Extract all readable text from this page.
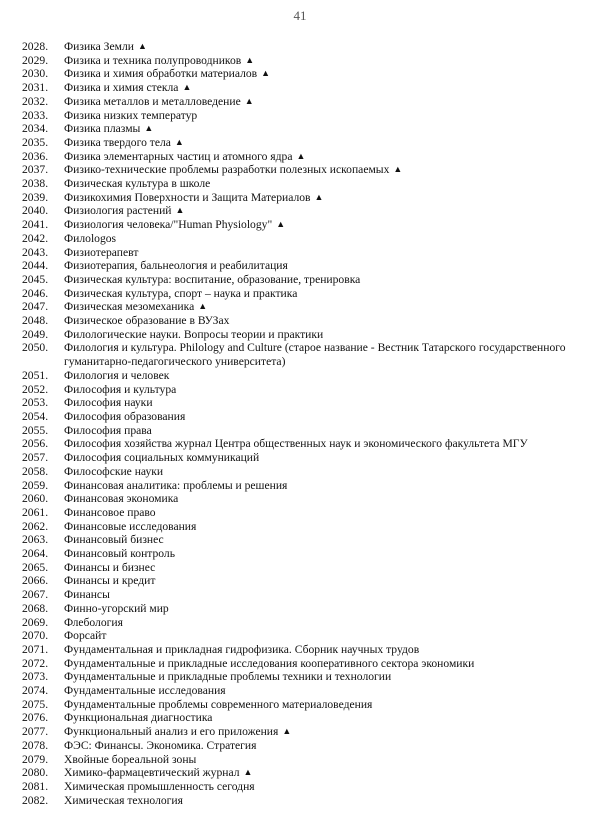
41
2028.	Физика Земли ▲
2029.	Физика и техника полупроводников ▲
2030.	Физика и химия обработки материалов ▲
2031.	Физика и химия стекла ▲
2032.	Физика металлов и металловедение ▲
2033.	Физика низких температур
2034.	Физика плазмы ▲
2035.	Физика твердого тела ▲
2036.	Физика элементарных частиц и атомного ядра ▲
2037.	Физико-технические проблемы разработки полезных ископаемых ▲
2038.	Физическая культура в школе
2039.	Физикохимия Поверхности и Защита Материалов ▲
2040.	Физиология растений ▲
2041.	Физиология человека/"Human Physiology" ▲
2042.	Филologos
2043.	Физиотерапевт
2044.	Физиотерапия, бальнеология и реабилитация
2045.	Физическая культура: воспитание, образование, тренировка
2046.	Физическая культура, спорт – наука и практика
2047.	Физическая мезомеханика ▲
2048.	Физическое образование в ВУЗах
2049.	Филологические науки. Вопросы теории и практики
2050.	Филология и культура. Philology and Culture (старое название - Вестник Татарского государственного гуманитарно-педагогического университета)
2051.	Филология и человек
2052.	Философия и культура
2053.	Философия науки
2054.	Философия образования
2055.	Философия права
2056.	Философия хозяйства журнал Центра общественных наук и экономического факультета МГУ
2057.	Философия социальных коммуникаций
2058.	Философские науки
2059.	Финансовая аналитика: проблемы и решения
2060.	Финансовая экономика
2061.	Финансовое право
2062.	Финансовые исследования
2063.	Финансовый бизнес
2064.	Финансовый контроль
2065.	Финансы и бизнес
2066.	Финансы и кредит
2067.	Финансы
2068.	Финно-угорский мир
2069.	Флебология
2070.	Форсайт
2071.	Фундаментальная и прикладная гидрофизика. Сборник научных трудов
2072.	Фундаментальные и прикладные исследования кооперативного сектора экономики
2073.	Фундаментальные и прикладные проблемы техники и технологии
2074.	Фундаментальные исследования
2075.	Фундаментальные проблемы современного материаловедения
2076.	Функциональная диагностика
2077.	Функциональный анализ и его приложения ▲
2078.	ФЭС: Финансы. Экономика. Стратегия
2079.	Хвойные бореальной зоны
2080.	Химико-фармацевтический журнал ▲
2081.	Химическая промышленность сегодня
2082.	Химическая технология
